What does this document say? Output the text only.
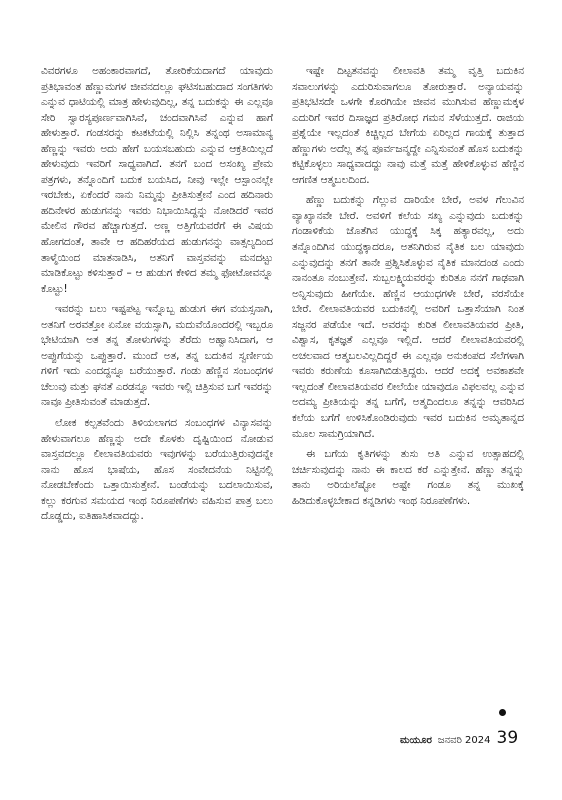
ವಿವರಗಳೂ ಅಹಂಕಾರವಾಗದೆ, ತೋರಿಕೆಯದಾಗದೆ ಯಾವುದು ಪ್ರತಿಭಾವಂತ ಹೆಣ್ಣುಮಗಳ ಜೀವನದಲ್ಲೂ ಘಟಿಸಬಹುದಾದ ಸಂಗತಿಗಳು ಎನ್ನುವ ಧಾಟಿಯಲ್ಲಿ ಮಾತ್ರ ಹೇಳುವುದಿಲ್ಲ, ತನ್ನ ಬದುಕನ್ನು ಈ ಎಲ್ಲವೂ ಸೇರಿ ಸ್ವಾರಸ್ಯಪೂರ್ಣವಾಗಿಸಿವೆ, ಚಂದವಾಗಿಸಿವೆ ಎನ್ನುವ ಹಾಗೆ ಹೇಳುತ್ತಾರೆ. ಗಂಡಸರನ್ನು ಕಟಕಟೆಯಲ್ಲಿ ನಿಲ್ಲಿಸಿ ತನ್ನಂಥ ಅಸಾಮಾನ್ಯ ಹೆಣ್ಣನ್ನು ಇವರು ಅದು ಹೇಗೆ ಬಯಸಬಹುದು ಎನ್ನುವ ಆಕ್ರತಿಯಿಲ್ಲದೆ ಹೇಳುವುದು ಇವರಿಗೆ ಸಾಧ್ಯವಾಗಿದೆ. ತನಗೆ ಬಂದ ಅಸಂಖ್ಯ ಪ್ರೇಮ ಪತ್ರಗಳು, ತನ್ನೊಂದಿಗೆ ಬದುಕ ಬಯಸಿದ, ನೀವು ಇಲ್ಲೇ ಆಸ್ಪಾಂನಲ್ಲೇ ಇರಬೇಕು, ಏಕೆಂದರೆ ನಾನು ನಿಮ್ಮನ್ನು ಪ್ರೀತಿಸುತ್ತೇನೆ ಎಂದ ಹದಿನಾರು ಹದಿನೇಳರ ಹುಡುಗನನ್ನು ಇವರು ನಿಭಾಯಿಸಿದ್ದನ್ನು ನೋಡಿದರೆ ಇವರ ಮೇಲಿನ ಗೌರವ ಹೆಚ್ಚಾಗುತ್ತದೆ. ಅಣ್ಣ ಅತ್ತಿಗೆಯವರೆಗೆ ಈ ವಿಷಯ ಹೋಗದಂತೆ, ತಾವೇ ಆ ಹದಿಹರೆಯದ ಹುಡುಗನನ್ನು ವಾತ್ಸಲ್ಯದಿಂದ ತಾಳ್ಮೆಯಿಂದ ಮಾತನಾಡಿಸಿ, ಅತನಿಗೆ ವಾಸ್ತವವನ್ನು ಮನದಟ್ಟು ಮಾಡಿಕೊಟ್ಟು ಕಳಿಸುತ್ತಾರೆ – ಆ ಹುಡುಗ ಕೇಳಿದ ತಮ್ಮ ಫೋಟೋವನ್ನೂ ಕೊಟ್ಟು!

ಇವರನ್ನು ಬಲು ಇಷ್ಟಪಟ್ಟ ಇನ್ನೊಬ್ಬ ಹುಡುಗ ಈಗ ವಯಸ್ಸನಾಗಿ, ಅತನಿಗೆ ಅರವತ್ತೋ ಏನೋ ವಯಸ್ಸಾಗಿ, ಮದುವೆಯೊಂದರಲ್ಲಿ ಇಬ್ಬರೂ ಭೇಟಿಯಾಗಿ ಅತ ತನ್ನ ತೋಳುಗಳನ್ನು ತೆರೆದು ಅಹ್ವಾನಿಸಿದಾಗ, ಆ ಅಪ್ಪುಗೆಯನ್ನು ಒಪ್ಪುತ್ತಾರೆ. ಮುಂದೆ ಅತ, ತನ್ನ ಬದುಕಿನ ಸ್ವರ್ಣೀಯ ಗಳಿಗೆ ಇದು ಎಂದದ್ದನ್ನೂ ಬರೆಯುತ್ತಾರೆ. ಗಂಡು ಹೆಣ್ಣಿನ ಸಂಬಂಧಗಳ ಚೆಲುವು ಮತ್ತು ಘನತೆ ಎರಡನ್ನೂ ಇವರು ಇಲ್ಲಿ ಚಿತ್ರಿಸುವ ಬಗೆ ಇವರನ್ನು ನಾವೂ ಪ್ರೀತಿಸುವಂತೆ ಮಾಡುತ್ತದೆ.

ಲೋಕ ಕಲ್ಪತವೆಂದು ತಿಳಿಯಲಾಗದ ಸಂಬಂಧಗಳ ವಿನ್ಯಾಸವನ್ನು ಹೇಳುವಾಗಲೂ ಹೆಣ್ಣನ್ನು ಅದೇ ಕೊಳಕು ದೃಷ್ಟಿಯಿಂದ ನೋಡುವ ವಾಸ್ತವದಲ್ಲೂ ಲೀಲಾವತಿಯವರು ಇವುಗಳನ್ನು ಬರೆಯುತ್ತಿರುವುದನ್ನೇ ನಾನು ಹೊಸ ಭಾಷೆಯ, ಹೊಸ ಸಂವೇದನೆಯ ನಿಟ್ಟಿನಲ್ಲಿ ನೋಡಬೇಕೆಂದು ಒತ್ತಾಯಿಸುತ್ತೇನೆ. ಬಂಡೆಯನ್ನು ಬದಲಾಯಿಸುವ, ಕಲ್ಲು ಕರಗುವ ಸಮಯದ ಇಂಥ ನಿರೂಪಣೆಗಳು ವಹಿಸುವ ಪಾತ್ರ ಬಲು ದೊಡ್ಡದು, ಐತಿಹಾಸಿಕವಾದದ್ದು.

ಇಷ್ಟೇ ದಿಟ್ಟತನವನ್ನು ಲೀಲಾವತಿ ತಮ್ಮ ವೃತ್ತಿ ಬದುಕಿನ ಸವಾಲುಗಳನ್ನು ಎದುರಿಸುವಾಗಲೂ ತೋರುತ್ತಾರೆ. ಅನ್ಯಾಯವನ್ನು ಪ್ರತಿಭಟಿಸದೇ ಒಳಗೇ ಕೊರಗಿಯೇ ಜೀವನ ಮುಗಿಸುವ ಹೆಣ್ಣುಮಕ್ಕಳ ಎದುರಿಗೆ ಇವರ ದಿಸಾಜ್ಞದ ಪ್ರತಿರೋಧ ಗಮನ ಸೆಳೆಯುತ್ತದೆ. ರಾಜಿಯ ಪ್ರಶ್ನೆಯೇ ಇಲ್ಲದಂತೆ ಕಿಚ್ಚಿಲ್ಲದ ಬೇಗೆಯ ಏರಿಲ್ಲದ ಗಾಯಕ್ಕೆ ತುತ್ತಾದ ಹೆಣ್ಣುಗಳು ಅದೆಲ್ಲ ತನ್ನ ಪೂರ್ವಜನ್ಮದ್ದೇ ಎನ್ನಿಸುವಂತೆ ಹೊಸ ಬದುಕನ್ನು ಕಟ್ಟಿಕೊಳ್ಳಲು ಸಾಧ್ಯವಾದದ್ದು ನಾವು ಮತ್ತೆ ಮತ್ತೆ ಹೇಳಿಕೊಳ್ಳುವ ಹೆಣ್ಣಿನ ಆಗಣಿತ ಆತ್ಮಬಲದಿಂದ.

ಹೆಣ್ಣು ಬದುಕನ್ನು ಗೆಲ್ಲುವ ದಾರಿಯೇ ಬೇರೆ, ಅವಳ ಗೆಲುವಿನ ವ್ಯಾಖ್ಯಾನವೇ ಬೇರೆ. ಅವಳಿಗೆ ಕಲೆಯ ಸಖ್ಯ ಎನ್ನುವುದು ಬದುಕನ್ನು ಗಂಡಾಳಿಕೆಯ ಜೊತೆಗಿನ ಯುದ್ಧಕ್ಕೆ ಸಿಕ್ಕ ಹತ್ಯಾರವಲ್ಲ, ಅದು ತನ್ನೊಂದಿಗಿನ ಯುದ್ಧಕ್ಕಾದರೂ, ಅತನಿಗಿರುವ ನೈತಿಕ ಬಲ ಯಾವುದು ಎನ್ನುವುದನ್ನು ತನಗೆ ತಾನೇ ಪ್ರಶ್ನಿಸಿಕೊಳ್ಳುವ ನೈತಿಕ ಮಾನದಂಡ ಎಂದು ನಾನಂತೂ ನಂಬುತ್ತೇನೆ. ಸುಬ್ಬಲಕ್ಷ್ಮಿಯವರನ್ನು ಕುರಿತೂ ನನಗೆ ಗಾಢವಾಗಿ ಅನ್ನಿಸುವುದು ಹೀಗೆಯೇ. ಹೆಣ್ಣಿನ ಆಯುಧಗಳೇ ಬೇರೆ, ವರಸೆಯೇ ಬೇರೆ. ಲೀಲಾವತಿಯವರ ಬದುಕಿನಲ್ಲಿ ಅವರಿಗೆ ಒತ್ತಾಸೆಯಾಗಿ ನಿಂತ ಸಜ್ಜನರ ಪಡೆಯೇ ಇದೆ. ಅವರನ್ನು ಕುರಿತ ಲೀಲಾವತಿಯವರ ಪ್ರೀತಿ, ವಿಶ್ವಾಸ, ಕೃತಜ್ಞತೆ ಎಲ್ಲವೂ ಇಲ್ಲಿದೆ. ಆದರೆ ಲೀಲಾವತಿಯವರಲ್ಲಿ ಅಚಲವಾದ ಆತ್ಮಬಲವಿಲ್ಲದಿದ್ದರೆ ಈ ಎಲ್ಲವೂ ಅನುಕಂಪದ ಸೆಲೆಗಳಾಗಿ ಇವರು ಕರುಣೆಯ ಕೂಸಾಗಿಬಿಡುತ್ತಿದ್ದರು. ಆದರೆ ಅದಕ್ಕೆ ಅವಕಾಶವೇ ಇಲ್ಲದಂತೆ ಲೀಲಾವತಿಯವರ ಲೀಲೆಯೇ ಯಾವುದೂ ವಿಫಲವಲ್ಲ ಎನ್ನುವ ಅದಮ್ಯ ಪ್ರೀತಿಯನ್ನು ತನ್ನ ಬಗೆಗೆ, ಅತ್ಮದಿಂದಲೂ ತನ್ನನ್ನು ಆವರಿಸಿದ ಕಲೆಯ ಬಗೆಗೆ ಉಳಿಸಿಕೊಂಡಿರುವುದು ಇವರ ಬದುಕಿನ ಅಮೃತಾನ್ನದ ಮೂಲ ಸಾಮಗ್ರಿಯಾಗಿದೆ.

ಈ ಬಗೆಯ ಕೃತಿಗಳನ್ನು ತುಸು ಅತಿ ಎನ್ನುವ ಉತ್ಸಾಹದಲ್ಲಿ ಚರ್ಚಿಸುವುದನ್ನು ನಾನು ಈ ಕಾಲದ ಕರೆ ಎನ್ನುತ್ತೇನೆ. ಹೆಣ್ಣು ತನ್ನನ್ನು ತಾನು ಅರಿಯಲೆಷ್ಟೋ ಅಷ್ಟೇ ಗಂಡೂ ತನ್ನ ಮುಖಕ್ಕೆ ಹಿಡಿದುಕೊಳ್ಳಬೇಕಾದ ಕನ್ನಡಿಗಳು ಇಂಥ ನಿರೂಪಣೆಗಳು.

ಮಯೂರ ಜನವರಿ 2024 39
